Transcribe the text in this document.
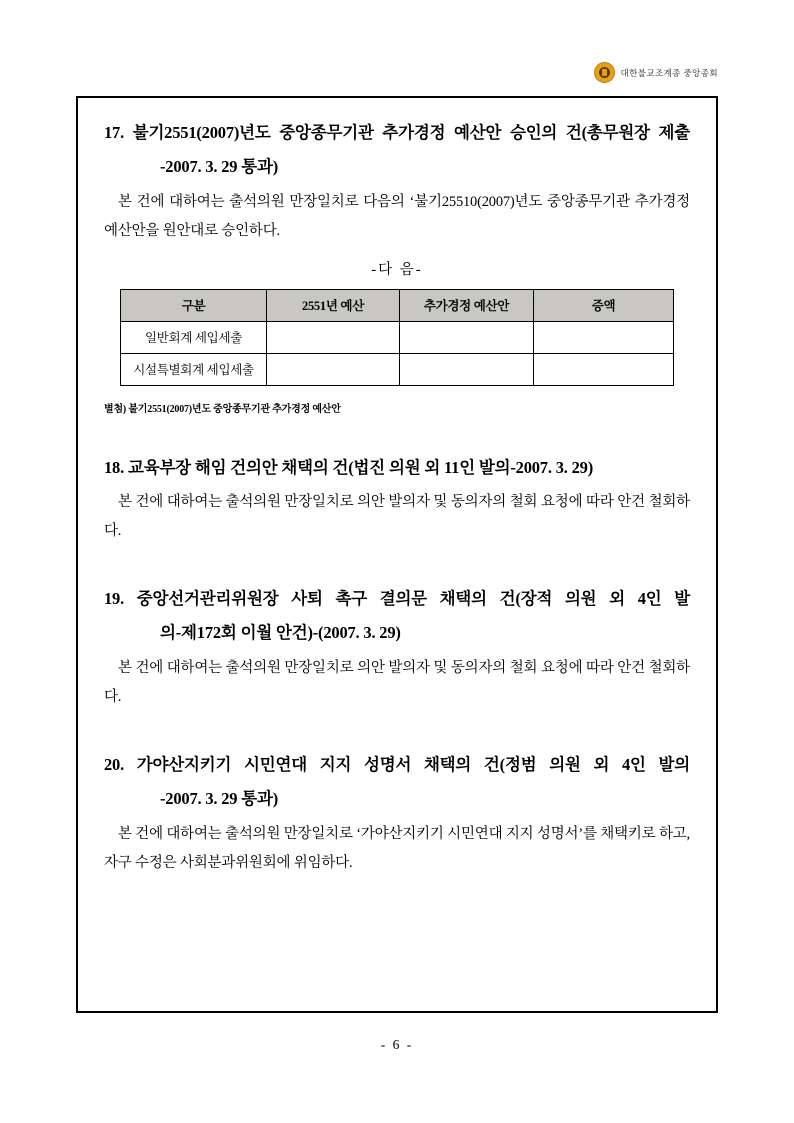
대한불교조계종 중앙종회

17. 불기2551(2007)년도 중앙종무기관 추가경정 예산안 승인의 건(총무원장 제출

-2007. 3. 29 통과)

본 건에 대하여는 출석의원 만장일치로 다음의 ‘불기25510(2007)년도 중앙종무기관 추가경정 예산안을 원안대로 승인하다.

-다 음-
구분	2551년 예산	추가경정 예산안	증액
일반회계 세입세출			
시설특별회계 세입세출			

별첨) 불기2551(2007)년도 중앙종무기관 추가경정 예산안

18. 교육부장 해임 건의안 채택의 건(법진 의원 외 11인 발의-2007. 3. 29)

본 건에 대하여는 출석의원 만장일치로 의안 발의자 및 동의자의 철회 요청에 따라 안건 철회하다.

19. 중앙선거관리위원장 사퇴 촉구 결의문 채택의 건(장적 의원 외 4인 발

의-제172회 이월 안건)-(2007. 3. 29)

본 건에 대하여는 출석의원 만장일치로 의안 발의자 및 동의자의 철회 요청에 따라 안건 철회하다.

20. 가야산지키기 시민연대 지지 성명서 채택의 건(정범 의원 외 4인 발의

-2007. 3. 29 통과)

본 건에 대하여는 출석의원 만장일치로 ‘가야산지키기 시민연대 지지 성명서’를 채택키로 하고, 자구 수정은 사회분과위원회에 위임하다.

- 6 -
